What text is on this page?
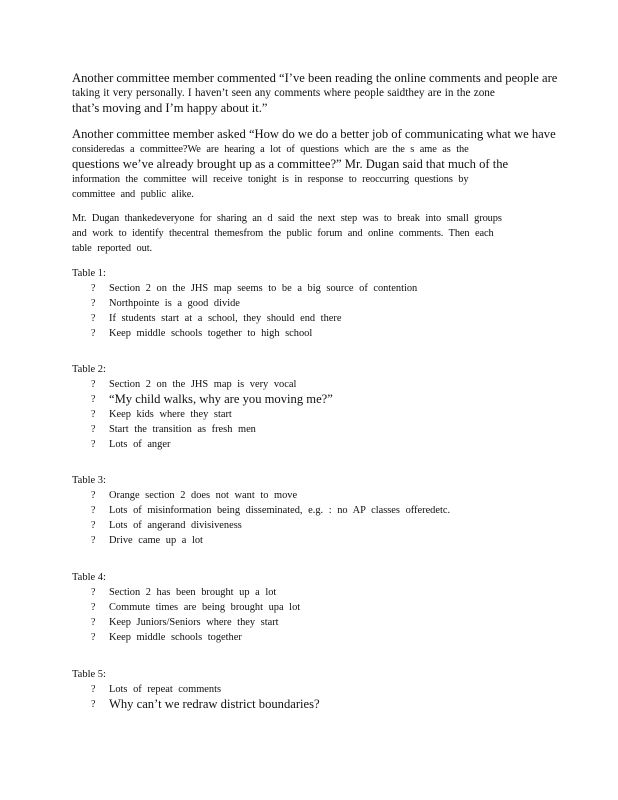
Another committee member commented “I’ve been reading the online comments and people are
taking it very personally. I haven’t seen any comments where people saidthey are in the zone
that’s moving and I’m happy about it.”
Another committee member asked “How do we do a better job of communicating what we have
consideredas a committee?We are hearing a lot of questions which are the s ame as the
questions we’ve already brought up as a committee?” Mr. Dugan said that much of the
information the committee will receive tonight is in response to reoccurring questions by
committee and public alike.
Mr. Dugan thankedeveryone for sharing an d said the next step was to break into small groups
and work to identify thecentral themesfrom the public forum and online comments. Then each
table reported out.
Table 1:
? Section 2 on the JHS map seems to be a big source of contention
? Northpointe is a good divide
? If students start at a school, they should end there
? Keep middle schools together to high school
Table 2:
? Section 2 on the JHS map is very vocal
? “My child walks, why are you moving me?”
? Keep kids where they start
? Start the transition as fresh men
? Lots of anger
Table 3:
? Orange section 2 does not want to move
? Lots of misinformation being disseminated, e.g. : no AP classes offeredetc.
? Lots of angerand divisiveness
? Drive came up a lot
Table 4:
? Section 2 has been brought up a lot
? Commute times are being brought upa lot
? Keep Juniors/Seniors where they start
? Keep middle schools together
Table 5:
? Lots of repeat comments
? Why can’t we redraw district boundaries?
